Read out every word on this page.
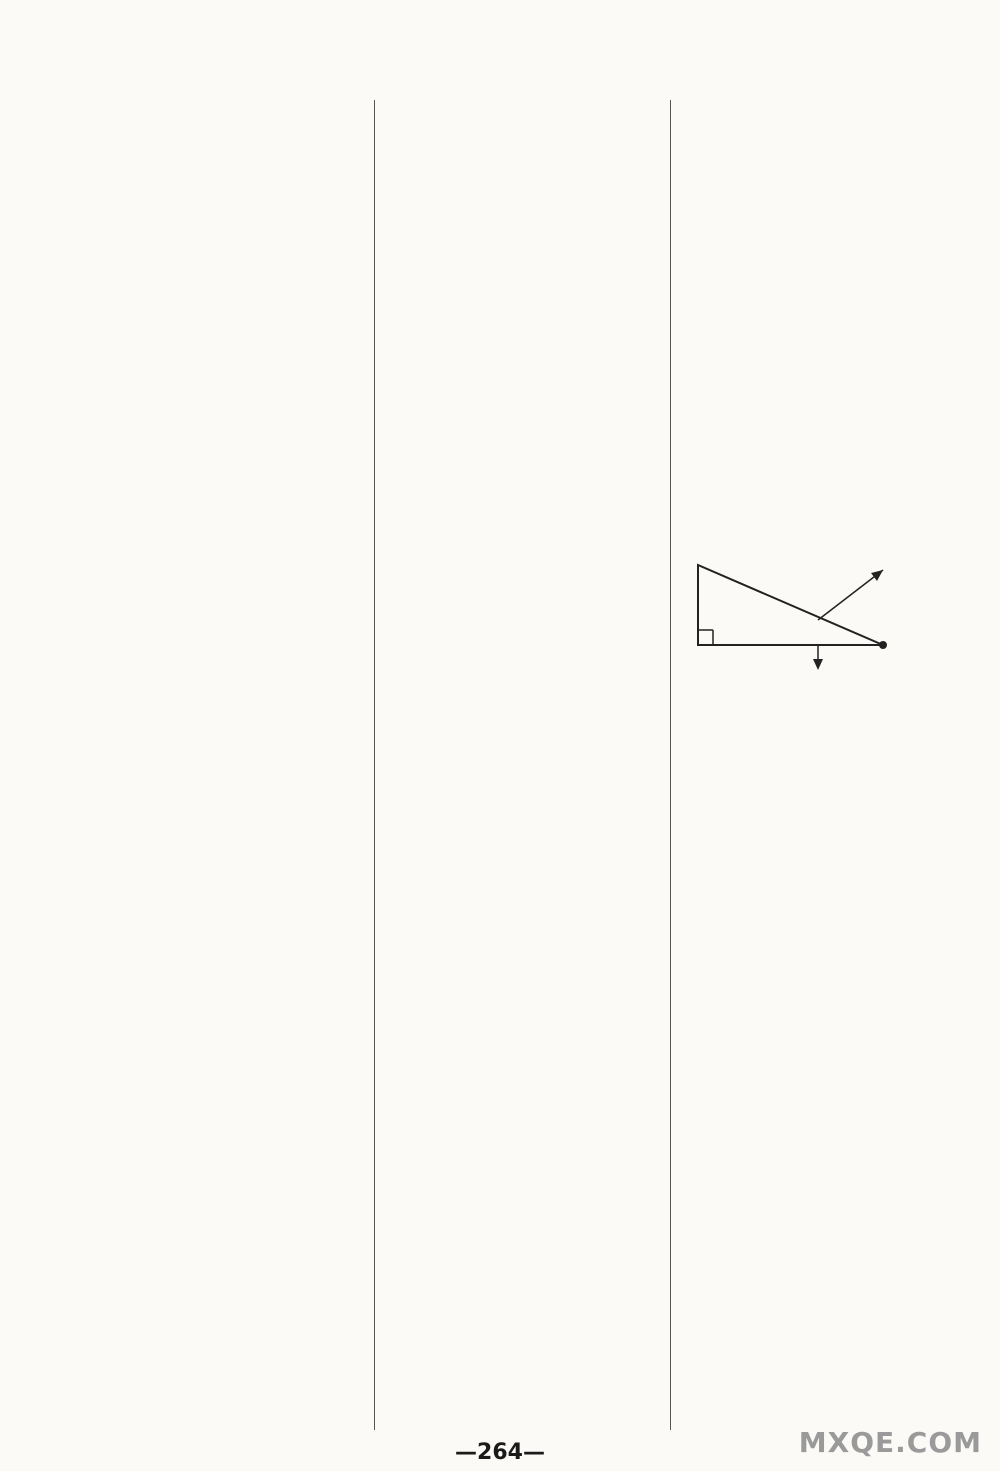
—264—	MXQE.COM
